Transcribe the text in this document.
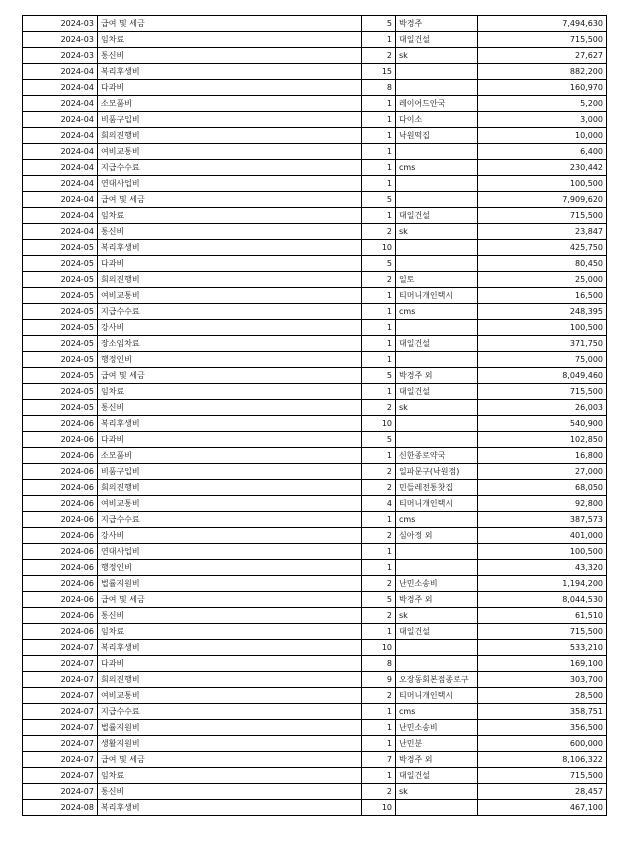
2024-03	급여 및 세금	5	박경주	7,494,630
2024-03	임차료	1	대일건설	715,500
2024-03	통신비	2	sk	27,627
2024-04	복리후생비	15		882,200
2024-04	다과비	8		160,970
2024-04	소모품비	1	레이어드안국	5,200
2024-04	비품구입비	1	다이소	3,000
2024-04	회의진행비	1	낙원떡집	10,000
2024-04	여비교통비	1		6,400
2024-04	지급수수료	1	cms	230,442
2024-04	연대사업비	1		100,500
2024-04	급여 및 세금	5		7,909,620
2024-04	임차료	1	대일건설	715,500
2024-04	통신비	2	sk	23,847
2024-05	복리후생비	10		425,750
2024-05	다과비	5		80,450
2024-05	회의진행비	2	일토	25,000
2024-05	여비교통비	1	티머니개인택시	16,500
2024-05	지급수수료	1	cms	248,395
2024-05	강사비	1		100,500
2024-05	장소임차료	1	대일건설	371,750
2024-05	행정인비	1		75,000
2024-05	급여 및 세금	5	박경주 외	8,049,460
2024-05	임차료	1	대일건설	715,500
2024-05	통신비	2	sk	26,003
2024-06	복리후생비	10		540,900
2024-06	다과비	5		102,850
2024-06	소모품비	1	신한종로약국	16,800
2024-06	비품구입비	2	일파문구(낙원점)	27,000
2024-06	회의진행비	2	민들레전통찻집	68,050
2024-06	여비교통비	4	티머니개인택시	92,800
2024-06	지급수수료	1	cms	387,573
2024-06	강사비	2	심아정 외	401,000
2024-06	연대사업비	1		100,500
2024-06	행정인비	1		43,320
2024-06	법률지원비	2	난민소송비	1,194,200
2024-06	급여 및 세금	5	박경주 외	8,044,530
2024-06	통신비	2	sk	61,510
2024-06	임차료	1	대일건설	715,500
2024-07	복리후생비	10		533,210
2024-07	다과비	8		169,100
2024-07	회의진행비	9	오장동회본점종로구	303,700
2024-07	여비교통비	2	티머니개인택시	28,500
2024-07	지급수수료	1	cms	358,751
2024-07	법률지원비	1	난민소송비	356,500
2024-07	생활지원비	1	난민분	600,000
2024-07	급여 및 세금	7	박경주 외	8,106,322
2024-07	임차료	1	대일건설	715,500
2024-07	통신비	2	sk	28,457
2024-08	복리후생비	10		467,100
